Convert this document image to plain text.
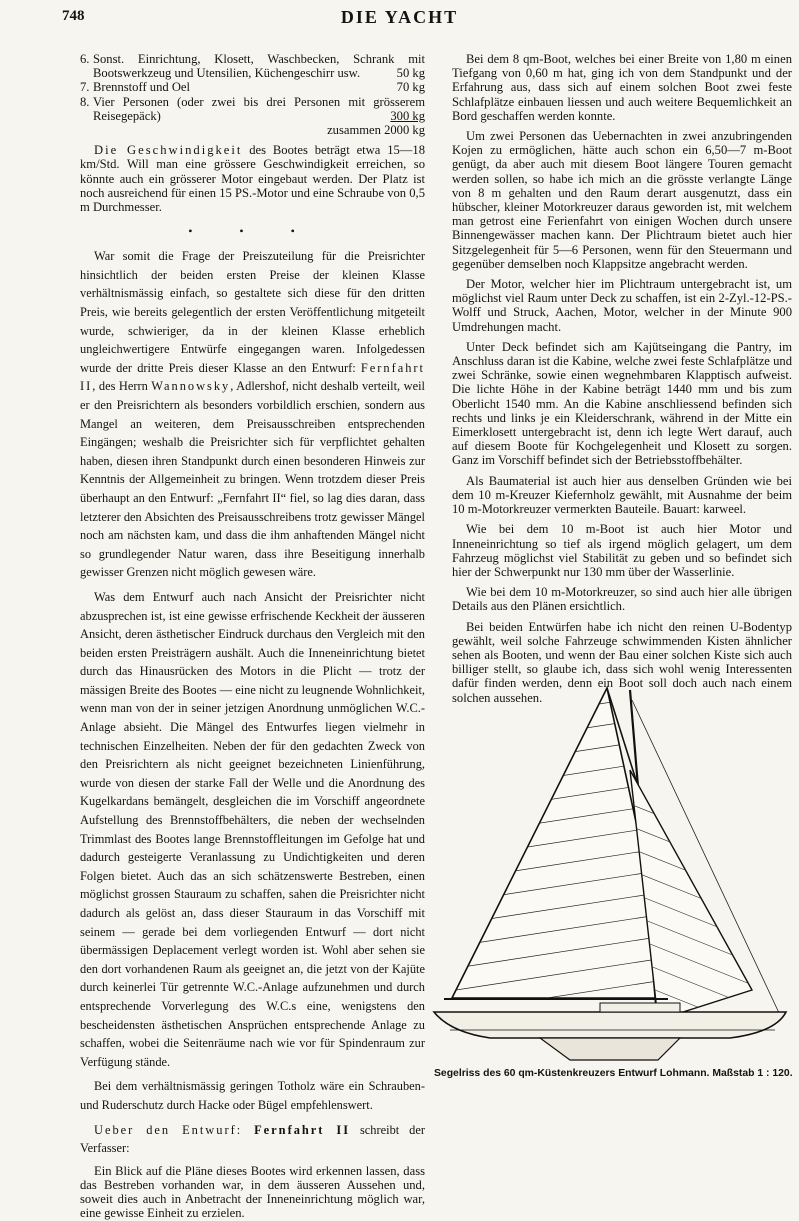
748	DIE YACHT
6. Sonst. Einrichtung, Klosett, Waschbecken, Schrank mit Bootswerkzeug und Utensilien, Küchengeschirr usw.	50 kg
7. Brennstoff und Oel	70 kg
8. Vier Personen (oder zwei bis drei Personen mit grösserem Reisegepäck)	300 kg
zusammen 2000 kg

Die Geschwindigkeit des Bootes beträgt etwa 15—18 km/Std. Will man eine grössere Geschwindigkeit erreichen, so könnte auch ein grösserer Motor eingebaut werden. Der Platz ist noch ausreichend für einen 15 PS.-Motor und eine Schraube von 0,5 m Durchmesser.

• • •

War somit die Frage der Preiszuteilung für die Preisrichter hinsichtlich der beiden ersten Preise der kleinen Klasse verhältnismässig einfach, so gestaltete sich diese für den dritten Preis, wie bereits gelegentlich der ersten Veröffentlichung mitgeteilt wurde, schwieriger, da in der kleinen Klasse erheblich ungleichwertigere Entwürfe eingegangen waren. Infolgedessen wurde der dritte Preis dieser Klasse an den Entwurf: Fernfahrt II, des Herrn Wannowsky, Adlershof, nicht deshalb verteilt, weil er den Preisrichtern als besonders vorbildlich erschien, sondern aus Mangel an weiteren, dem Preisausschreiben entsprechenden Eingängen; weshalb die Preisrichter sich für verpflichtet gehalten haben, diesen ihren Standpunkt durch einen besonderen Hinweis zur Kenntnis der Allgemeinheit zu bringen. Wenn trotzdem dieser Preis überhaupt an den Entwurf: „Fernfahrt II“ fiel, so lag dies daran, dass letzterer den Absichten des Preisausschreibens trotz gewisser Mängel noch am nächsten kam, und dass die ihm anhaftenden Mängel nicht so grundlegender Natur waren, dass ihre Beseitigung innerhalb gewisser Grenzen nicht möglich gewesen wäre.

Was dem Entwurf auch nach Ansicht der Preisrichter nicht abzusprechen ist, ist eine gewisse erfrischende Keckheit der äusseren Ansicht, deren ästhetischer Eindruck durchaus den Vergleich mit den beiden ersten Preisträgern aushält. Auch die Inneneinrichtung bietet durch das Hinausrücken des Motors in die Plicht — trotz der mässigen Breite des Bootes — eine nicht zu leugnende Wohnlichkeit, wenn man von der in seiner jetzigen Anordnung unmöglichen W.C.-Anlage absieht. Die Mängel des Entwurfes liegen vielmehr in technischen Einzelheiten. Neben der für den gedachten Zweck von den Preisrichtern als nicht geeignet bezeichneten Linienführung, wurde von diesen der starke Fall der Welle und die Anordnung des Kugelkardans bemängelt, desgleichen die im Vorschiff angeordnete Aufstellung des Brennstoffbehälters, die neben der wechselnden Trimmlast des Bootes lange Brennstoffleitungen im Gefolge hat und dadurch gesteigerte Veranlassung zu Undichtigkeiten und deren Folgen bietet. Auch das an sich schätzenswerte Bestreben, einen möglichst grossen Stauraum zu schaffen, sahen die Preisrichter nicht dadurch als gelöst an, dass dieser Stauraum in das Vorschiff mit seinem — gerade bei dem vorliegenden Entwurf — dort nicht übermässigen Deplacement verlegt worden ist. Wohl aber sehen sie den dort vorhandenen Raum als geeignet an, die jetzt von der Kajüte durch keinerlei Tür getrennte W.C.-Anlage aufzunehmen und durch entsprechende Vorverlegung des W.C.s eine, wenigstens den bescheidensten ästhetischen Ansprüchen entsprechende Anlage zu schaffen, wobei die Seitenräume nach wie vor für Spindenraum zur Verfügung stände.

Bei dem verhältnismässig geringen Totholz wäre ein Schrauben- und Ruderschutz durch Hacke oder Bügel empfehlenswert.

Ueber den Entwurf: Fernfahrt II schreibt der Verfasser:

Ein Blick auf die Pläne dieses Bootes wird erkennen lassen, dass das Bestreben vorhanden war, in dem äusseren Aussehen und, soweit dies auch in Anbetracht der Inneneinrichtung möglich war, eine gewisse Einheit zu erzielen.

Bei dem 8 qm-Boot, welches bei einer Breite von 1,80 m einen Tiefgang von 0,60 m hat, ging ich von dem Standpunkt und der Erfahrung aus, dass sich auf einem solchen Boot zwei feste Schlafplätze einbauen liessen und auch weitere Bequemlichkeit an Bord geschaffen werden konnte.

Um zwei Personen das Uebernachten in zwei anzubringenden Kojen zu ermöglichen, hätte auch schon ein 6,50—7 m-Boot genügt, da aber auch mit diesem Boot längere Touren gemacht werden sollen, so habe ich mich an die grösste verlangte Länge von 8 m gehalten und den Raum derart ausgenutzt, dass ein hübscher, kleiner Motorkreuzer daraus geworden ist, mit welchem man getrost eine Ferienfahrt von einigen Wochen durch unsere Binnengewässer machen kann. Der Plichtraum bietet auch hier Sitzgelegenheit für 5—6 Personen, wenn für den Steuermann und gegenüber demselben noch Klappsitze angebracht werden.

Der Motor, welcher hier im Plichtraum untergebracht ist, um möglichst viel Raum unter Deck zu schaffen, ist ein 2-Zyl.-12-PS.-Wolff und Struck, Aachen, Motor, welcher in der Minute 900 Umdrehungen macht.

Unter Deck befindet sich am Kajütseingang die Pantry, im Anschluss daran ist die Kabine, welche zwei feste Schlafplätze und zwei Schränke, sowie einen wegnehmbaren Klapptisch aufweist. Die lichte Höhe in der Kabine beträgt 1440 mm und bis zum Oberlicht 1540 mm. An die Kabine anschliessend befinden sich rechts und links je ein Kleiderschrank, während in der Mitte ein Eimerklosett untergebracht ist, denn ich legte Wert darauf, auch auf diesem Boote für Kochgelegenheit und Klosett zu sorgen. Ganz im Vorschiff befindet sich der Betriebsstoffbehälter.

Als Baumaterial ist auch hier aus denselben Gründen wie bei dem 10 m-Kreuzer Kiefernholz gewählt, mit Ausnahme der beim 10 m-Motorkreuzer vermerkten Bauteile. Bauart: karweel.

Wie bei dem 10 m-Boot ist auch hier Motor und Inneneinrichtung so tief als irgend möglich gelagert, um dem Fahrzeug möglichst viel Stabilität zu geben und so befindet sich hier der Schwerpunkt nur 130 mm über der Wasserlinie.

Wie bei dem 10 m-Motorkreuzer, so sind auch hier alle übrigen Details aus den Plänen ersichtlich.

Bei beiden Entwürfen habe ich nicht den reinen U-Bodentyp gewählt, weil solche Fahrzeuge schwimmenden Kisten ähnlicher sehen als Booten, und wenn der Bau einer solchen Kiste sich auch billiger stellt, so glaube ich, dass sich wohl wenig Interessenten dafür finden werden, denn ein Boot soll doch auch nach einem solchen aussehen.

Segelriss des 60 qm-Küstenkreuzers Entwurf Lohmann. Maßstab 1 : 120.
